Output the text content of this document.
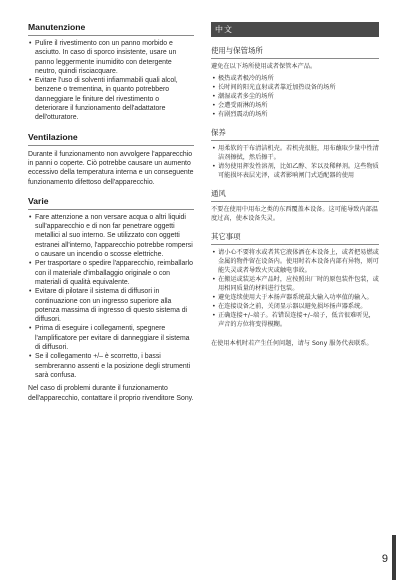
Manutenzione
• Pulire il rivestimento con un panno morbido e asciutto. In caso di sporco insistente, usare un panno leggermente inumidito con detergente neutro, quindi risciacquare.
• Evitare l'uso di solventi infiammabili quali alcol, benzene o trementina, in quanto potrebbero danneggiare le finiture del rivestimento o deteriorare il funzionamento dell'adattatore dell'otturatore.
Ventilazione

Durante il funzionamento non avvolgere l'apparecchio in panni o coperte. Ciò potrebbe causare un aumento eccessivo della temperatura interna e un conseguente funzionamento difettoso dell'apparecchio.

Varie
• Fare attenzione a non versare acqua o altri liquidi sull'apparecchio e di non far penetrare oggetti metallici al suo interno. Se utilizzato con oggetti estranei all'interno, l'apparecchio potrebbe rompersi o causare un incendio o scosse elettriche.
• Per trasportare o spedire l'apparecchio, reimballarlo con il materiale d'imballaggio originale o con materiali di qualità equivalente.
• Evitare di pilotare il sistema di diffusori in continuazione con un ingresso superiore alla potenza massima di ingresso di questo sistema di diffusori.
• Prima di eseguire i collegamenti, spegnere l'amplificatore per evitare di danneggiare il sistema di diffusori.
• Se il collegamento +/– è scorretto, i bassi sembreranno assenti e la posizione degli strumenti sarà confusa.

Nel caso di problemi durante il funzionamento dell'apparecchio, contattare il proprio rivenditore Sony.

中文
使用与保管场所

避免在以下场所使用或者保管本产品。

• 极热或者极冷的场所
• 长时间的阳光直射或者靠近加热设备的场所
• 潮湿或者多尘的场所
• 会遭受雨淋的场所
• 有剧烈震动的场所
保养
• 用柔软的干布清洁机壳。若机壳很脏，用布蘸取少量中性清洁剂擦拭，然后擦干。
• 请勿使用挥发性溶剂，比如乙醇、苯以及稀释剂。这些物质可能损坏表层光泽，或者影响闸门式适配器的使用
通风

不要在使用中用布之类的东西覆盖本设备。这可能导致内部温度过高，使本设备失灵。

其它事项
• 请小心不要将水或者其它液体洒在本设备上，或者把易燃或金属的物件留在设备内。使用时若本设备内部有异物，则可能失灵或者导致火灾或触电事故。
• 在搬运或装运本产品时，应按照出厂时的原包装件包装，或用相同质量的材料进行包装。
• 避免连续使用大于本扬声器系统最大输入功率值的输入。
• 在连接设备之前，关闭显示器以避免损坏扬声器系统。
• 正确连接+/–端子。若错误连接+/–端子，低音很难听见，声音的方位将变得模糊。
在使用本机时若产生任何问题，请与 Sony 服务代表联系。
9
